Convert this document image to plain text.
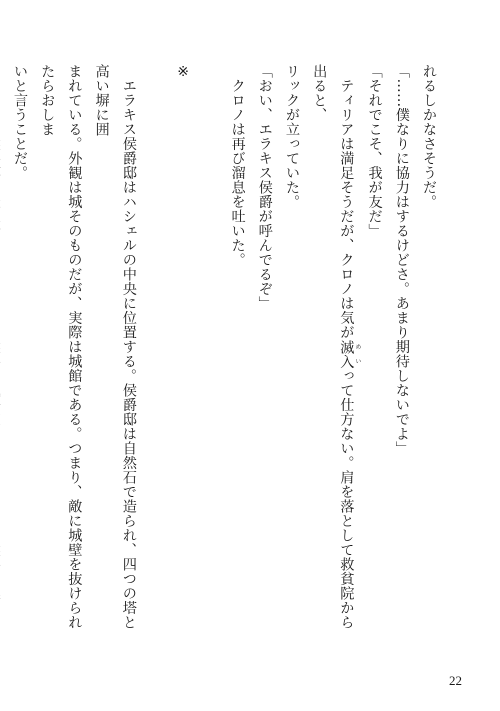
れるしかなさそうだ。

「……僕なりに協力はするけどさ。あまり期待しないでよ」

「それでこそ、我が友だ」

　ティリアは満足そうだが、クロノは気が滅入 めいって仕方ない。肩を落として救貧院から出ると、

リックが立っていた。

「おい、エラキス侯爵が呼んでるぞ」

　クロノは再び溜息を吐いた。

※

　エラキス侯爵邸はハシェルの中央に位置する。侯爵邸は自然石で造られ、四つの塔と高い塀に囲

まれている。外観は城そのものだが、実際は城館である。つまり、敵に城壁を抜けられたらおしま

いと言うことだ。

22
